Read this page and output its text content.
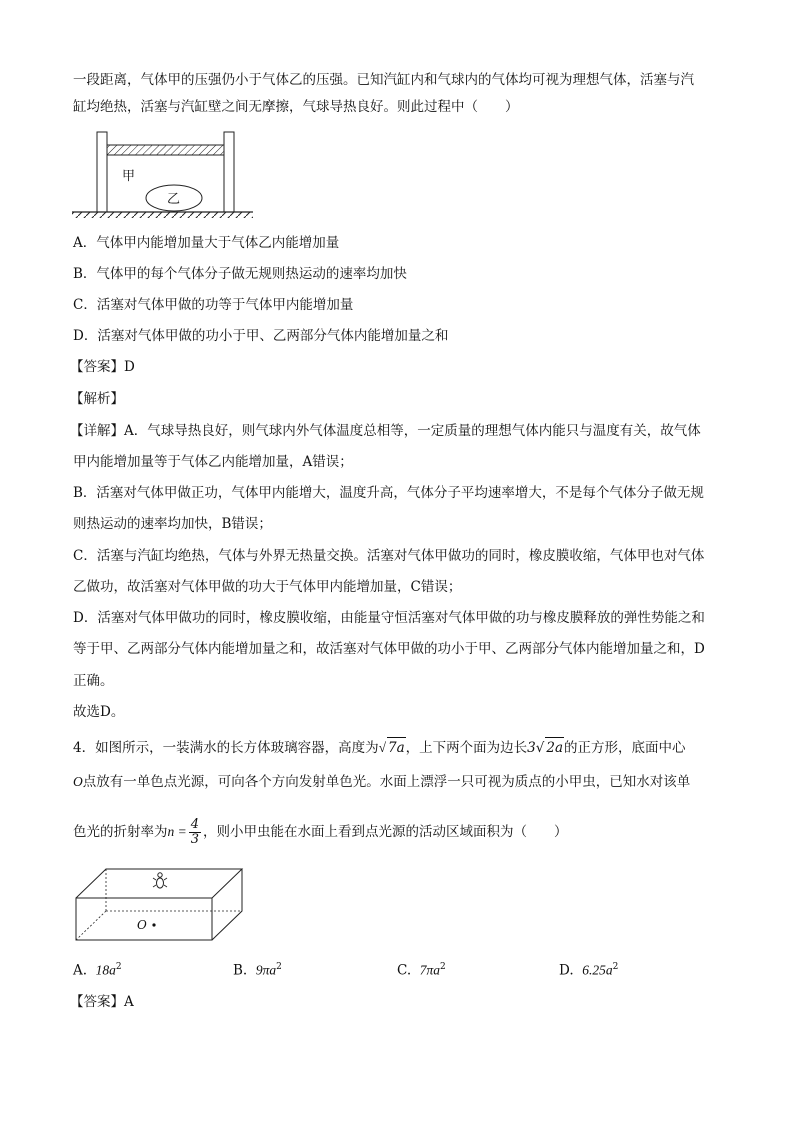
一段距离，气体甲的压强仍小于气体乙的压强。已知汽缸内和气球内的气体均可视为理想气体，活塞与汽
缸均绝热，活塞与汽缸壁之间无摩擦，气球导热良好。则此过程中（　　）
甲
乙
A．气体甲内能增加量大于气体乙内能增加量
B．气体甲的每个气体分子做无规则热运动的速率均加快
C．活塞对气体甲做的功等于气体甲内能增加量
D．活塞对气体甲做的功小于甲、乙两部分气体内能增加量之和
【答案】D
【解析】
【详解】A．气球导热良好，则气球内外气体温度总相等，一定质量的理想气体内能只与温度有关，故气体
甲内能增加量等于气体乙内能增加量，A错误；
B．活塞对气体甲做正功，气体甲内能增大，温度升高，气体分子平均速率增大，不是每个气体分子做无规
则热运动的速率均加快，B错误；
C．活塞与汽缸均绝热，气体与外界无热量交换。活塞对气体甲做功的同时，橡皮膜收缩，气体甲也对气体
乙做功，故活塞对气体甲做的功大于气体甲内能增加量，C错误；
D．活塞对气体甲做功的同时，橡皮膜收缩，由能量守恒活塞对气体甲做的功与橡皮膜释放的弹性势能之和
等于甲、乙两部分气体内能增加量之和，故活塞对气体甲做的功小于甲、乙两部分气体内能增加量之和，D
正确。
故选D。
4．如图所示，一装满水的长方体玻璃容器，高度为√ 7a，上下两个面为边长3√ 2a的正方形，底面中心
O点放有一单色点光源，可向各个方向发射单色光。水面上漂浮一只可视为质点的小甲虫，已知水对该单
色光的折射率为$n = \frac{4}{3}$ ，则小甲虫能在水面上看到点光源的活动区域面积为（　　）
O
A. $18a^2$	B. $9\pi a^2$	C. $7\pi a^2$	D. $6.25a^2$
【答案】A
